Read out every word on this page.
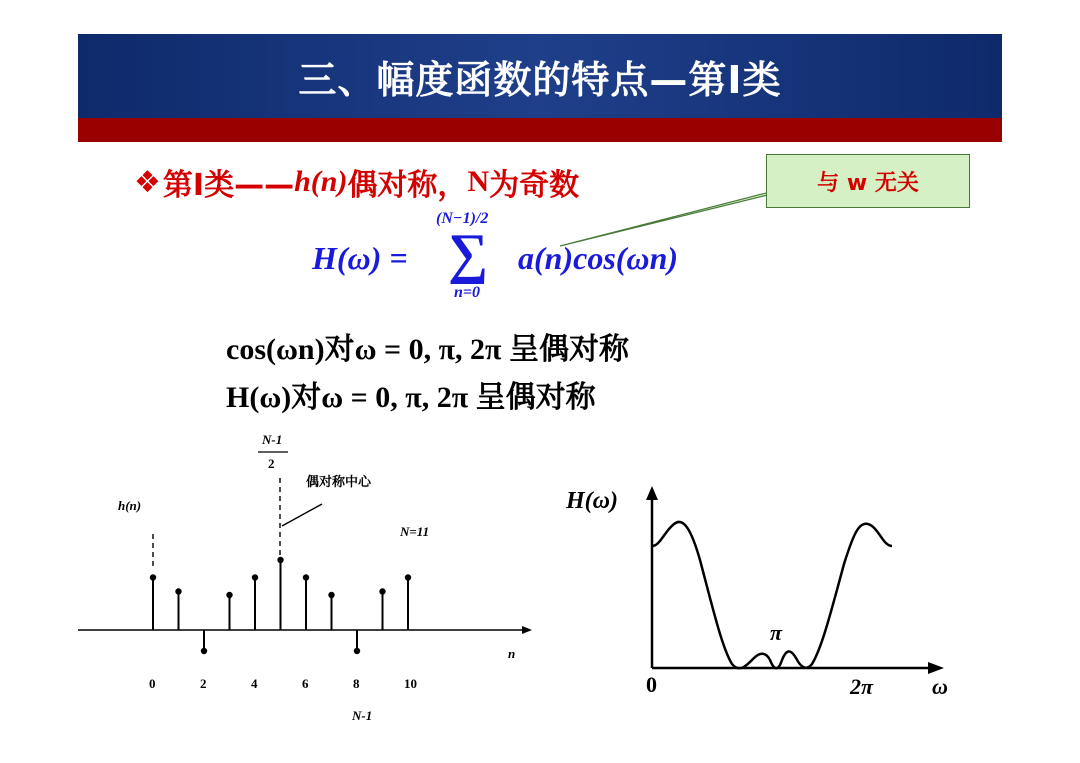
三、幅度函数的特点—第I类
❖ 第I类—— h(n) 偶对称， N 为奇数	与 w 无关
H(ω) =
(N−1)/2
∑
n=0
a(n)cos(ωn)
cos(ωn)对ω = 0, π, 2π 呈偶对称
H(ω)对ω = 0, π, 2π 呈偶对称
h(n)
n
N-1
2
偶对称中心
N=11
N-1
0	2	4	6	8	10
H(ω)
ω
0
π
2π
